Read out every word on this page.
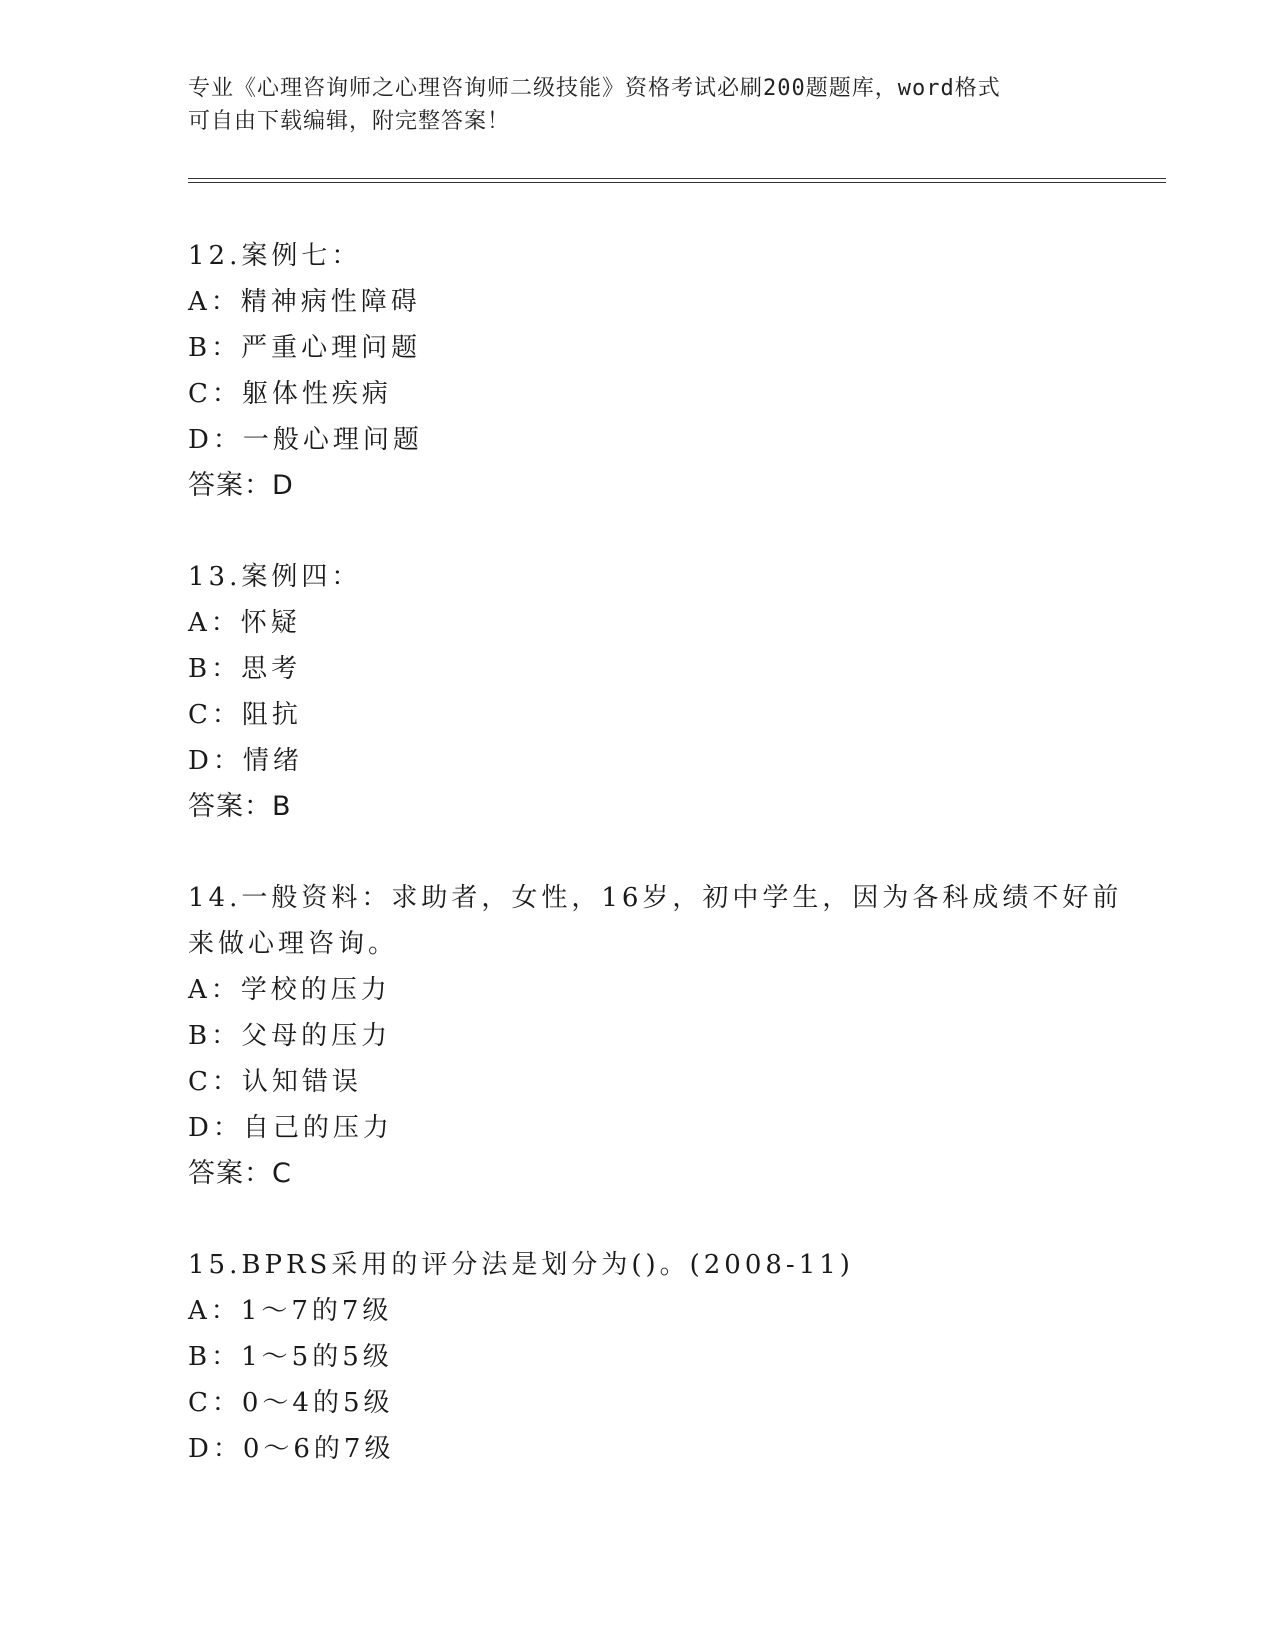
专业《心理咨询师之心理咨询师二级技能》资格考试必刷200题题库，word格式
可自由下载编辑，附完整答案！
12.案例七：
A：精神病性障碍
B：严重心理问题
C：躯体性疾病
D：一般心理问题
答案：D
13.案例四：
A：怀疑
B：思考
C：阻抗
D：情绪
答案：B
14.一般资料：求助者，女性，16岁，初中学生，因为各科成绩不好前
来做心理咨询。
A：学校的压力
B：父母的压力
C：认知错误
D：自己的压力
答案：C
15.BPRS采用的评分法是划分为()。(2008-11)
A：1～7的7级
B：1～5的5级
C：0～4的5级
D：0～6的7级
